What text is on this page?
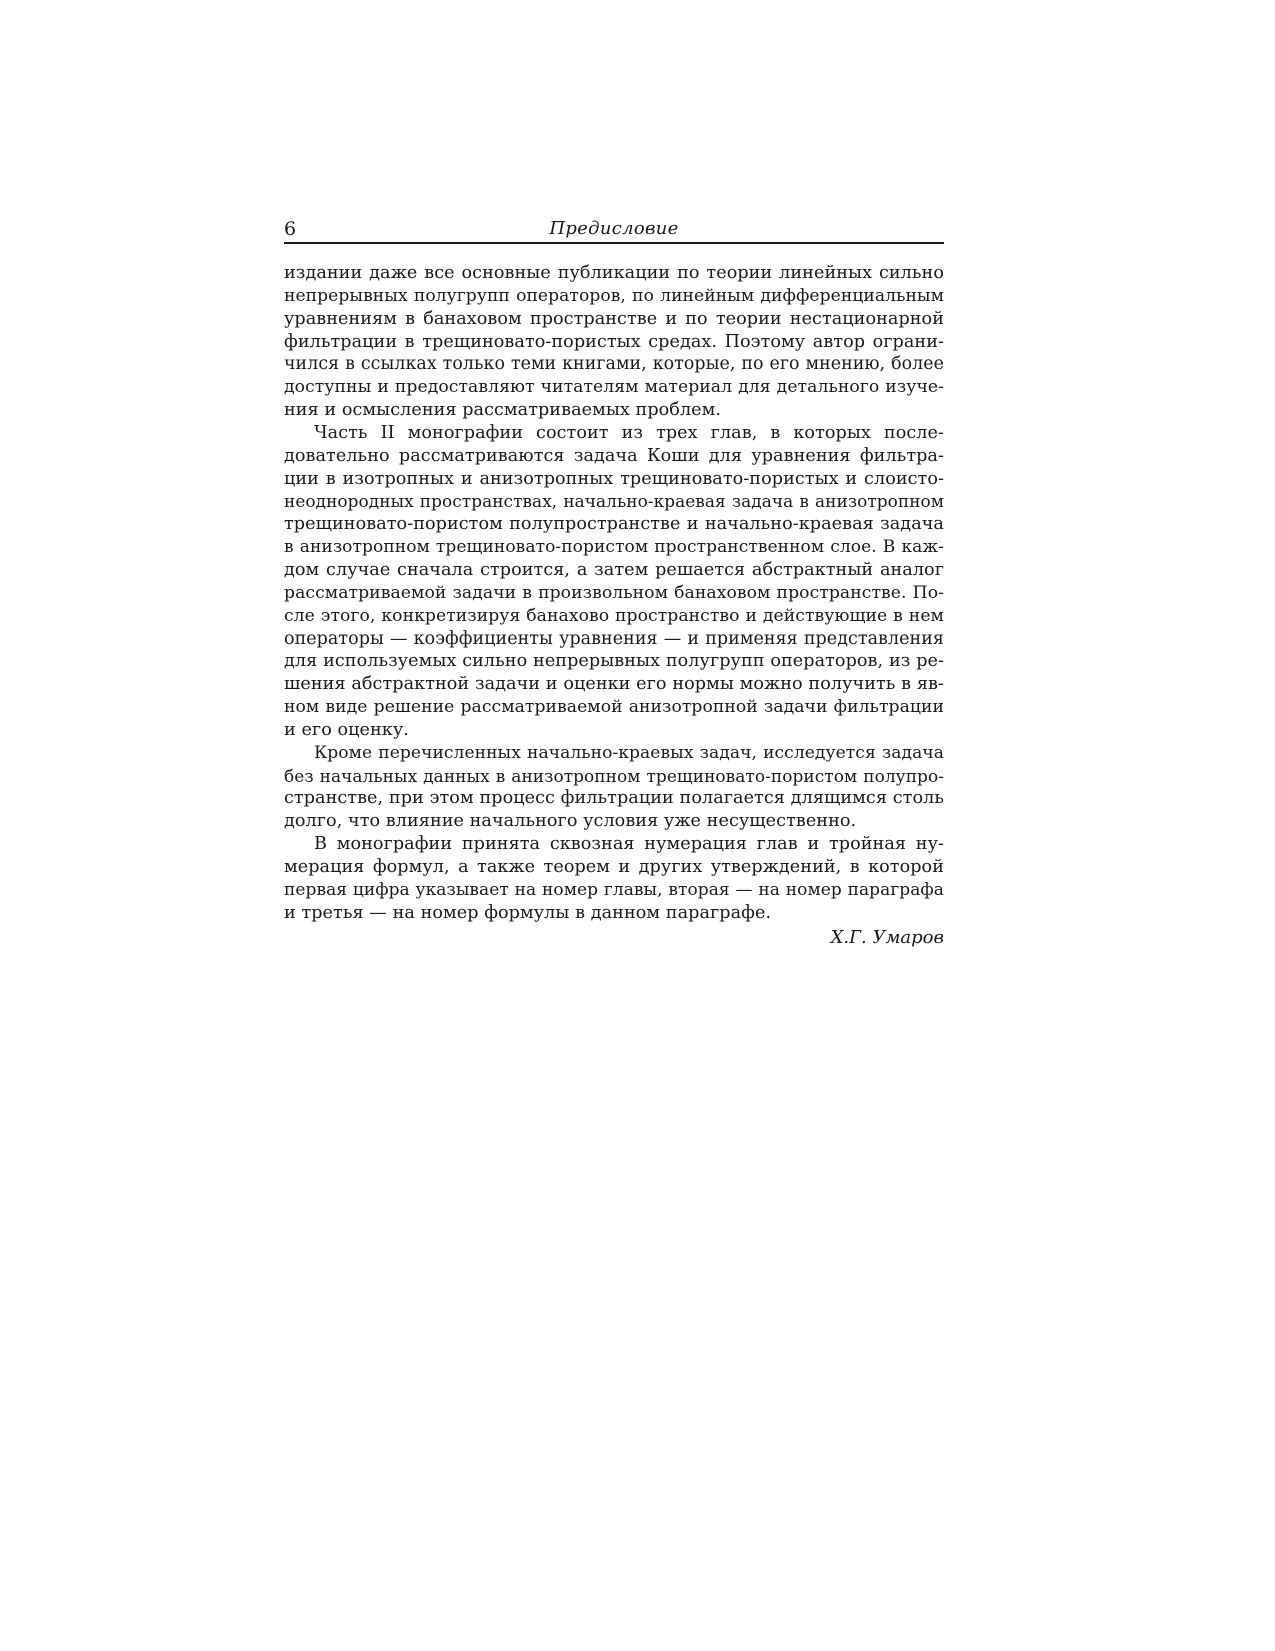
6	Предисловие
издании даже все основные публикации по теории линейных сильно
непрерывных полугрупп операторов, по линейным дифференциальным
уравнениям в банаховом пространстве и по теории нестационарной
фильтрации в трещиновато-пористых средах. Поэтому автор ограни-
чился в ссылках только теми книгами, которые, по его мнению, более
доступны и предоставляют читателям материал для детального изуче-
ния и осмысления рассматриваемых проблем.
Часть II монографии состоит из трех глав, в которых после-
довательно рассматриваются задача Коши для уравнения фильтра-
ции в изотропных и анизотропных трещиновато-пористых и слоисто-
неоднородных пространствах, начально-краевая задача в анизотропном
трещиновато-пористом полупространстве и начально-краевая задача
в анизотропном трещиновато-пористом пространственном слое. В каж-
дом случае сначала строится, а затем решается абстрактный аналог
рассматриваемой задачи в произвольном банаховом пространстве. По-
сле этого, конкретизируя банахово пространство и действующие в нем
операторы — коэффициенты уравнения — и применяя представления
для используемых сильно непрерывных полугрупп операторов, из ре-
шения абстрактной задачи и оценки его нормы можно получить в яв-
ном виде решение рассматриваемой анизотропной задачи фильтрации
и его оценку.
Кроме перечисленных начально-краевых задач, исследуется задача
без начальных данных в анизотропном трещиновато-пористом полупро-
странстве, при этом процесс фильтрации полагается длящимся столь
долго, что влияние начального условия уже несущественно.
В монографии принята сквозная нумерация глав и тройная ну-
мерация формул, а также теорем и других утверждений, в которой
первая цифра указывает на номер главы, вторая — на номер параграфа
и третья — на номер формулы в данном параграфе.
Х.Г. Умаров
